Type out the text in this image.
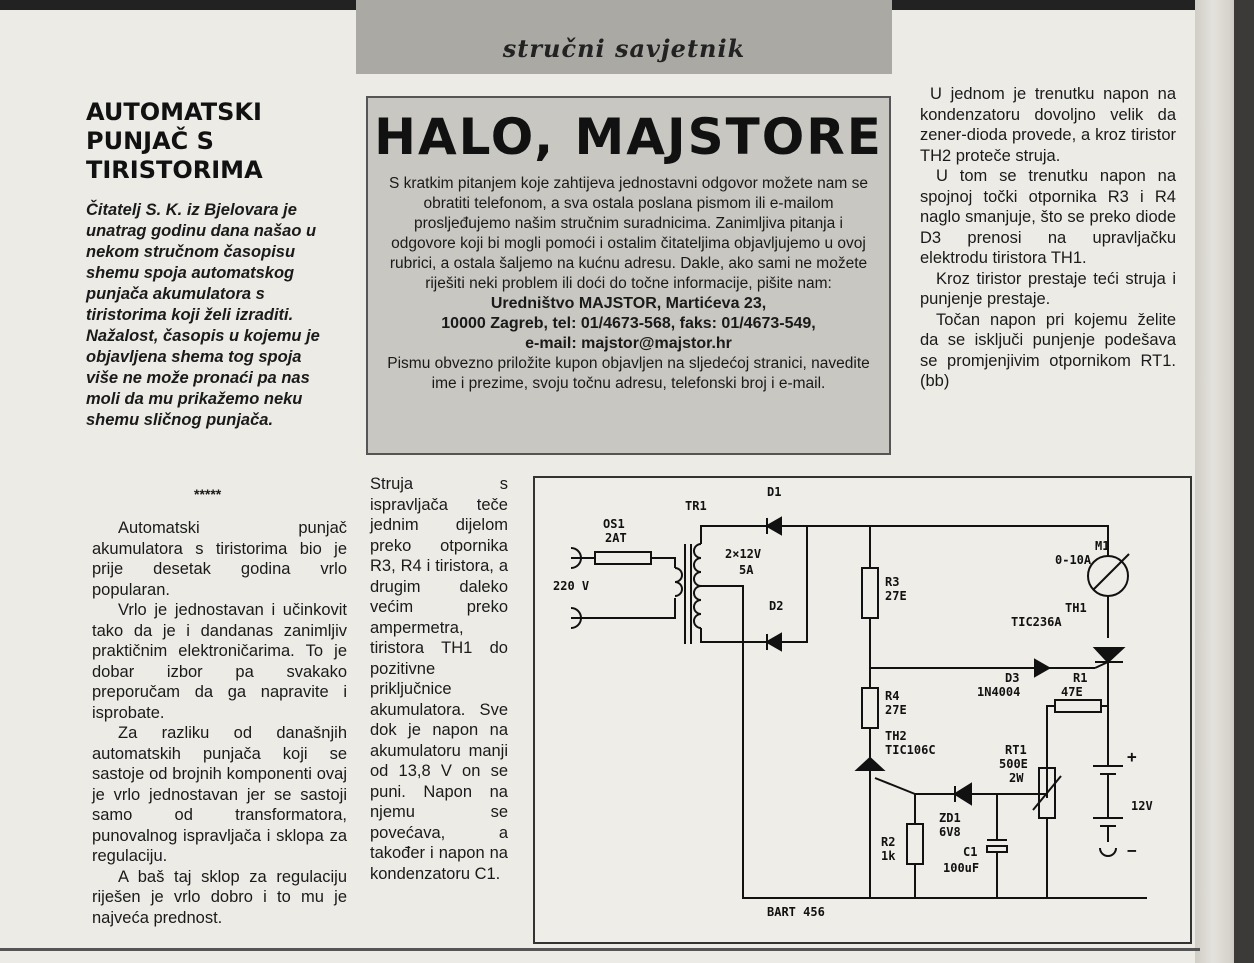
stručni savjetnik
AUTOMATSKI
PUNJAČ S
TIRISTORIMA
Čitatelj S. K. iz Bjelovara je unatrag godinu dana našao u nekom stručnom časopisu shemu spoja automatskog punjača akumulatora s tiristorima koji želi izraditi. Nažalost, časopis u kojemu je objavljena shema tog spoja više ne može pronaći pa nas moli da mu prikažemo neku shemu sličnog punjača.
*****

Automatski punjač akumulatora s tiristorima bio je prije desetak godina vrlo popularan.

Vrlo je jednostavan i učinkovit tako da je i dandanas zanimljiv praktičnim elektroničarima. To je dobar izbor pa svakako preporučam da ga napravite i isprobate.

Za razliku od današnjih automatskih punjača koji se sastoje od brojnih komponenti ovaj je vrlo jednostavan jer se sastoji samo od transformatora, punovalnog ispravljača i sklopa za regulaciju.

A baš taj sklop za regulaciju riješen je vrlo dobro i to mu je najveća prednost.

HALO, MAJSTORE
S kratkim pitanjem koje zahtijeva jednostavni odgovor možete nam se obratiti telefonom, a sva ostala poslana pismom ili e-mailom prosljeđujemo našim stručnim suradnicima. Zanimljiva pitanja i odgovore koji bi mogli pomoći i ostalim čitateljima objavljujemo u ovoj rubrici, a ostala šaljemo na kućnu adresu. Dakle, ako sami ne možete riješiti neki problem ili doći do točne informacije, pišite nam:
Uredništvo MAJSTOR, Martićeva 23,
10000 Zagreb, tel: 01/4673-568, faks: 01/4673-549,
e-mail: majstor@majstor.hr
Pismu obvezno priložite kupon objavljen na sljedećoj stranici, navedite ime i prezime, svoju točnu adresu, telefonski broj i e-mail.

U jednom je trenutku napon na kondenzatoru dovoljno velik da zener-dioda provede, a kroz tiristor TH2 proteče struja.

U tom se trenutku napon na spojnoj točki otpornika R3 i R4 naglo smanjuje, što se preko diode D3 prenosi na upravljačku elektrodu tiristora TH1.

Kroz tiristor prestaje teći struja i punjenje prestaje.

Točan napon pri kojemu želite da se isključi punjenje podešava se promjenjivim otpornikom RT1.(bb)

Struja s ispravljača teče jednim dijelom preko otpornika R3, R4 i tiristora, a drugim daleko većim preko ampermetra, tiristora TH1 do pozitivne priključnice akumulatora. Sve dok je napon na akumulatoru manji od 13,8 V on se puni. Napon na njemu se povećava, a također i napon na kondenzatoru C1.
OS1
2AT
220 V
TR1
2×12V
5A
D1
D2
R3
27E
R4
27E
M1
0-10A
TH1
TIC236A
D3
1N4004
R1
47E
TH2
TIC106C	RT1
500E
2W
ZD1
6V8
R2
1k	C1
100uF
12V
+
−
BART 456
